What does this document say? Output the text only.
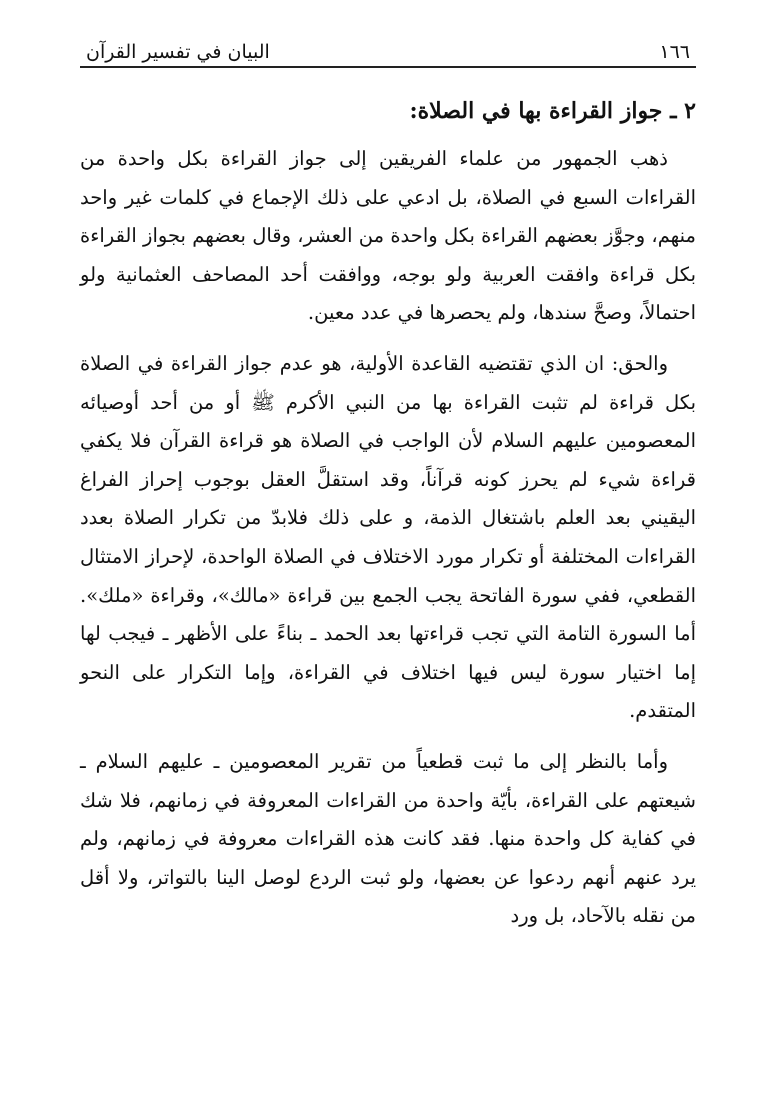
١٦٦
البيان في تفسير القرآن
٢ ـ جواز القراءة بها في الصلاة:

ذهب الجمهور من علماء الفريقين إلى جواز القراءة بكل واحدة من القراءات السبع في الصلاة، بل ادعي على ذلك الإجماع في كلمات غير واحد منهم، وجوَّز بعضهم القراءة بكل واحدة من العشر، وقال بعضهم بجواز القراءة بكل قراءة وافقت العربية ولو بوجه، ووافقت أحد المصاحف العثمانية ولو احتمالاً، وصحَّ سندها، ولم يحصرها في عدد معين.

والحق: ان الذي تقتضيه القاعدة الأولية، هو عدم جواز القراءة في الصلاة بكل قراءة لم تثبت القراءة بها من النبي الأكرم ﷺ أو من أحد أوصيائه المعصومين عليهم السلام لأن الواجب في الصلاة هو قراءة القرآن فلا يكفي قراءة شيء لم يحرز كونه قرآناً، وقد استقلَّ العقل بوجوب إحراز الفراغ اليقيني بعد العلم باشتغال الذمة، و على ذلك فلابدّ من تكرار الصلاة بعدد القراءات المختلفة أو تكرار مورد الاختلاف في الصلاة الواحدة، لإحراز الامتثال القطعي، ففي سورة الفاتحة يجب الجمع بين قراءة «مالك»، وقراءة «ملك». أما السورة التامة التي تجب قراءتها بعد الحمد ـ بناءً على الأظهر ـ فيجب لها إما اختيار سورة ليس فيها اختلاف في القراءة، وإما التكرار على النحو المتقدم.

وأما بالنظر إلى ما ثبت قطعياً من تقرير المعصومين ـ عليهم السلام ـ شيعتهم على القراءة، بأيّة واحدة من القراءات المعروفة في زمانهم، فلا شك في كفاية كل واحدة منها. فقد كانت هذه القراءات معروفة في زمانهم، ولم يرد عنهم أنهم ردعوا عن بعضها، ولو ثبت الردع لوصل الينا بالتواتر، ولا أقل من نقله بالآحاد، بل ورد
